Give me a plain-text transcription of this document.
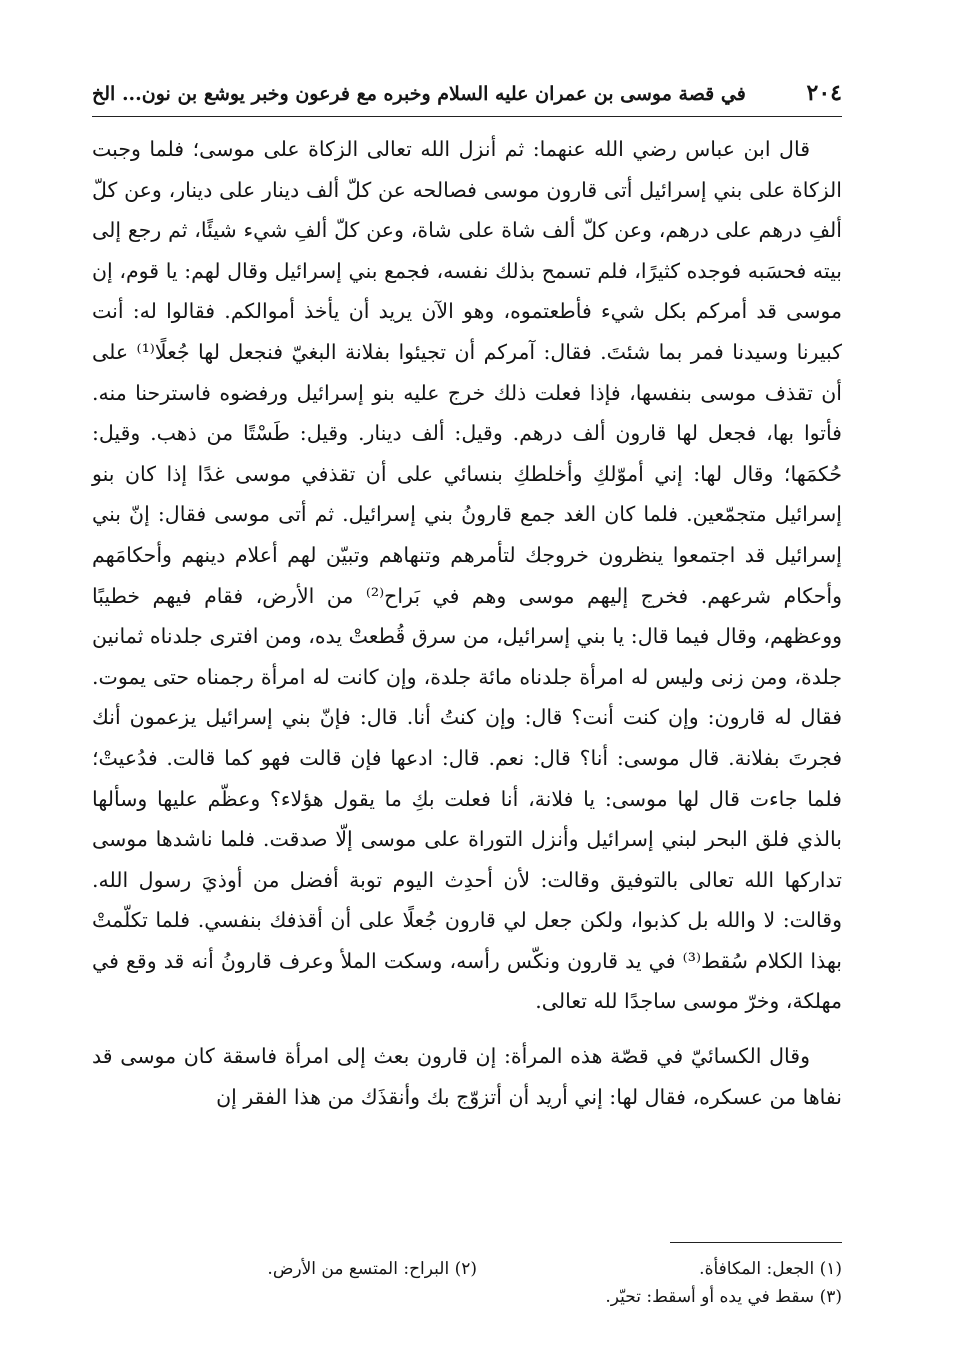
٢٠٤
في قصة موسى بن عمران عليه السلام وخبره مع فرعون وخبر يوشع بن نون... الخ

قال ابن عباس رضي الله عنهما: ثم أنزل الله تعالى الزكاة على موسى؛ فلما وجبت الزكاة على بني إسرائيل أتى قارون موسى فصالحه عن كلّ ألف دينار على دينار، وعن كلّ ألفِ درهم على درهم، وعن كلّ ألف شاة على شاة، وعن كلّ ألفِ شيء شيئًا، ثم رجع إلى بيته فحسَبه فوجده كثيرًا، فلم تسمح بذلك نفسه، فجمع بني إسرائيل وقال لهم: يا قوم، إن موسى قد أمركم بكل شيء فأطعتموه، وهو الآن يريد أن يأخذ أموالكم. فقالوا له: أنت كبيرنا وسيدنا فمر بما شئتَ. فقال: آمركم أن تجيئوا بفلانة البغيّ فنجعل لها جُعلًا⁽¹⁾ على أن تقذف موسى بنفسها، فإذا فعلت ذلك خرج عليه بنو إسرائيل ورفضوه فاسترحنا منه. فأتوا بها، فجعل لها قارون ألف درهم. وقيل: ألف دينار. وقيل: طَسْتًا من ذهب. وقيل: حُكمَها؛ وقال لها: إني أموّلكِ وأخلطكِ بنسائي على أن تقذفي موسى غدًا إذا كان بنو إسرائيل متجمّعين. فلما كان الغد جمع قارونُ بني إسرائيل. ثم أتى موسى فقال: إنّ بني إسرائيل قد اجتمعوا ينظرون خروجك لتأمرهم وتنهاهم وتبيّن لهم أعلام دينهم وأحكامَهم وأحكام شرعهم. فخرج إليهم موسى وهم في بَراح⁽²⁾ من الأرض، فقام فيهم خطيبًا ووعظهم، وقال فيما قال: يا بني إسرائيل، من سرق قُطعتْ يده، ومن افترى جلدناه ثمانين جلدة، ومن زنى وليس له امرأة جلدناه مائة جلدة، وإن كانت له امرأة رجمناه حتى يموت. فقال له قارون: وإن كنت أنت؟ قال: وإن كنتُ أنا. قال: فإنّ بني إسرائيل يزعمون أنك فجرتَ بفلانة. قال موسى: أنا؟ قال: نعم. قال: ادعها فإن قالت فهو كما قالت. فدُعيتْ؛ فلما جاءت قال لها موسى: يا فلانة، أنا فعلت بكِ ما يقول هؤلاء؟ وعظّم عليها وسألها بالذي فلق البحر لبني إسرائيل وأنزل التوراة على موسى إلّا صدقت. فلما ناشدها موسى تداركها الله تعالى بالتوفيق وقالت: لأن أحدِث اليوم توبة أفضل من أوذيَ رسول الله. وقالت: لا والله بل كذبوا، ولكن جعل لي قارون جُعلًا على أن أقذفك بنفسي. فلما تكلّمتْ بهذا الكلام سُقط⁽³⁾ في يد قارون ونكّس رأسه، وسكت الملأ وعرف قارونُ أنه قد وقع في مهلكة، وخرّ موسى ساجدًا لله تعالى.

وقال الكسائيّ في قصّة هذه المرأة: إن قارون بعث إلى امرأة فاسقة كان موسى قد نفاها من عسكره، فقال لها: إني أريد أن أتزوّج بك وأنقذَك من هذا الفقر إن

(١) الجعل: المكافأة.
(٢) البراح: المتسع من الأرض.
(٣) سقط في يده أو أسقط: تحيّر.
